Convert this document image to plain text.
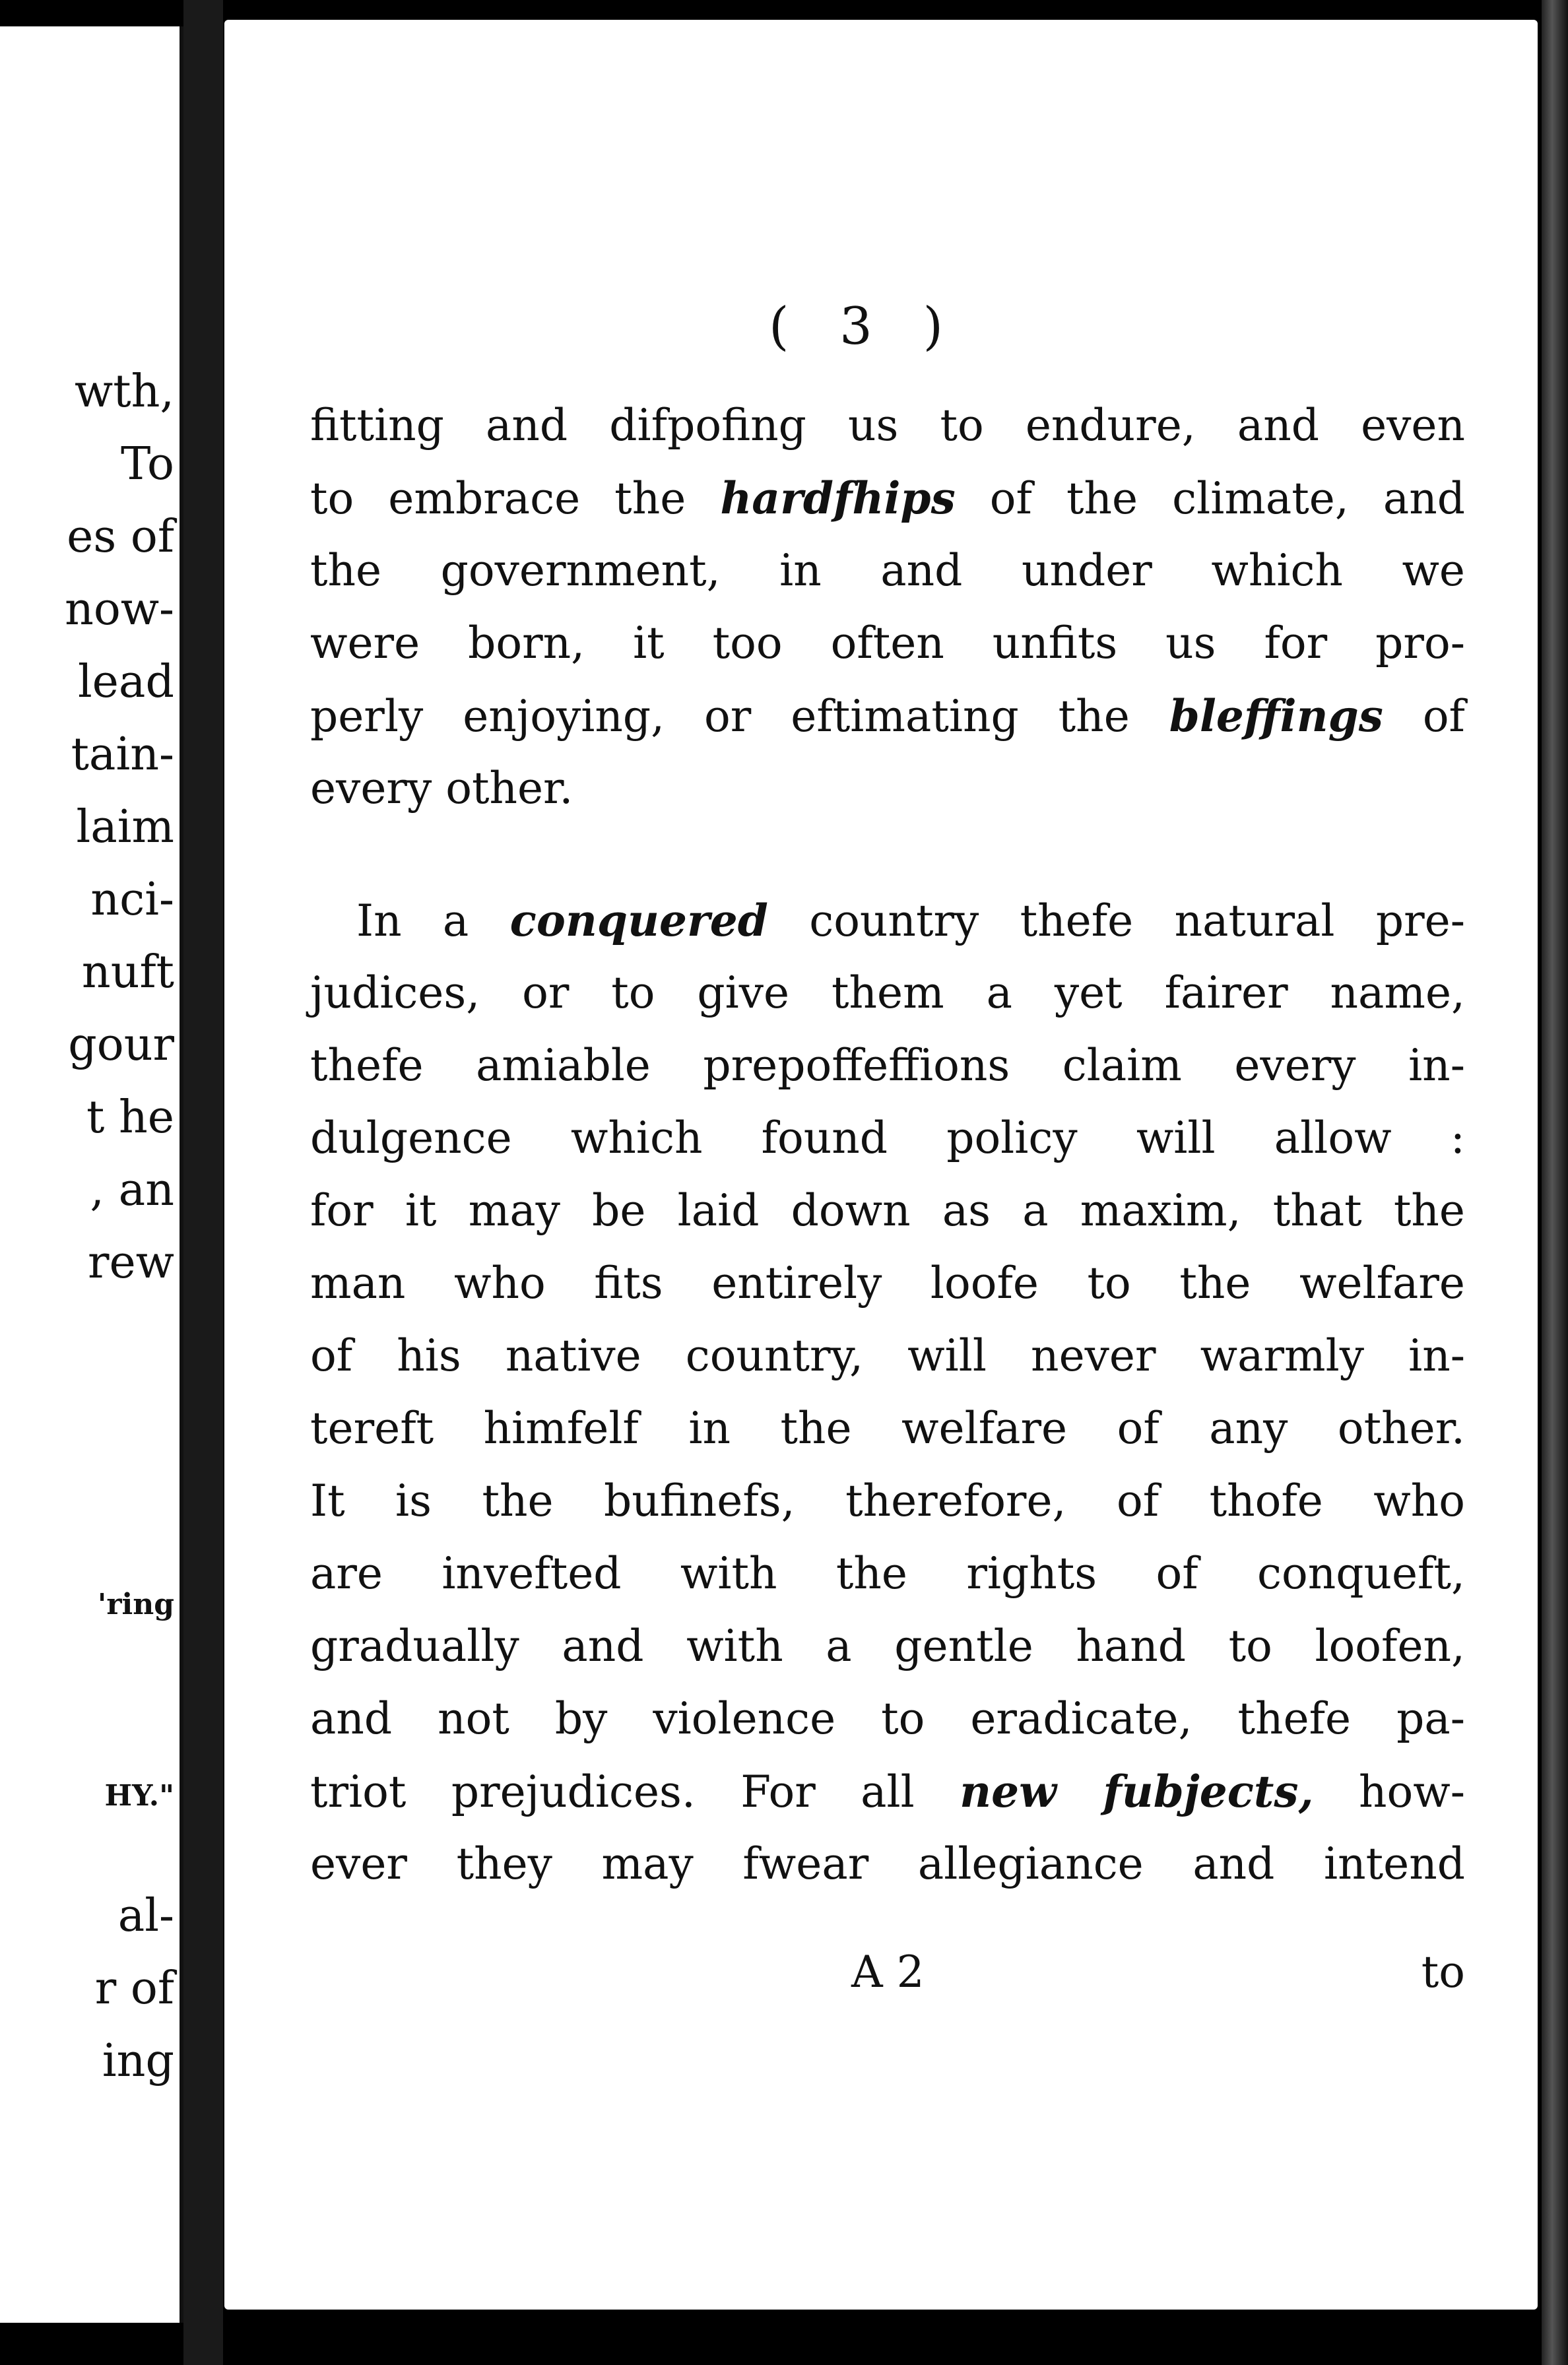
wth,
To
es of
now-
lead
tain-
laim
nci-
nuft
gour
t he
, an
rew
'ring
HY."
al-
r of
ing
( 3 )
fitting and difpofing us to endure, and even
to embrace the hardfhips of the climate, and
the government, in and under which we
were born, it too often unfits us for pro-
perly enjoying, or eftimating the bleffings of
every other.
In a conquered country thefe natural pre-
judices, or to give them a yet fairer name,
thefe amiable prepoffeffions claim every in-
dulgence which found policy will allow :
for it may be laid down as a maxim, that the
man who fits entirely loofe to the welfare
of his native country, will never warmly in-
tereft himfelf in the welfare of any other.
It is the bufinefs, therefore, of thofe who
are invefted with the rights of conqueft,
gradually and with a gentle hand to loofen,
and not by violence to eradicate, thefe pa-
triot prejudices. For all new fubjects, how-
ever they may fwear allegiance and intend
A 2	to
